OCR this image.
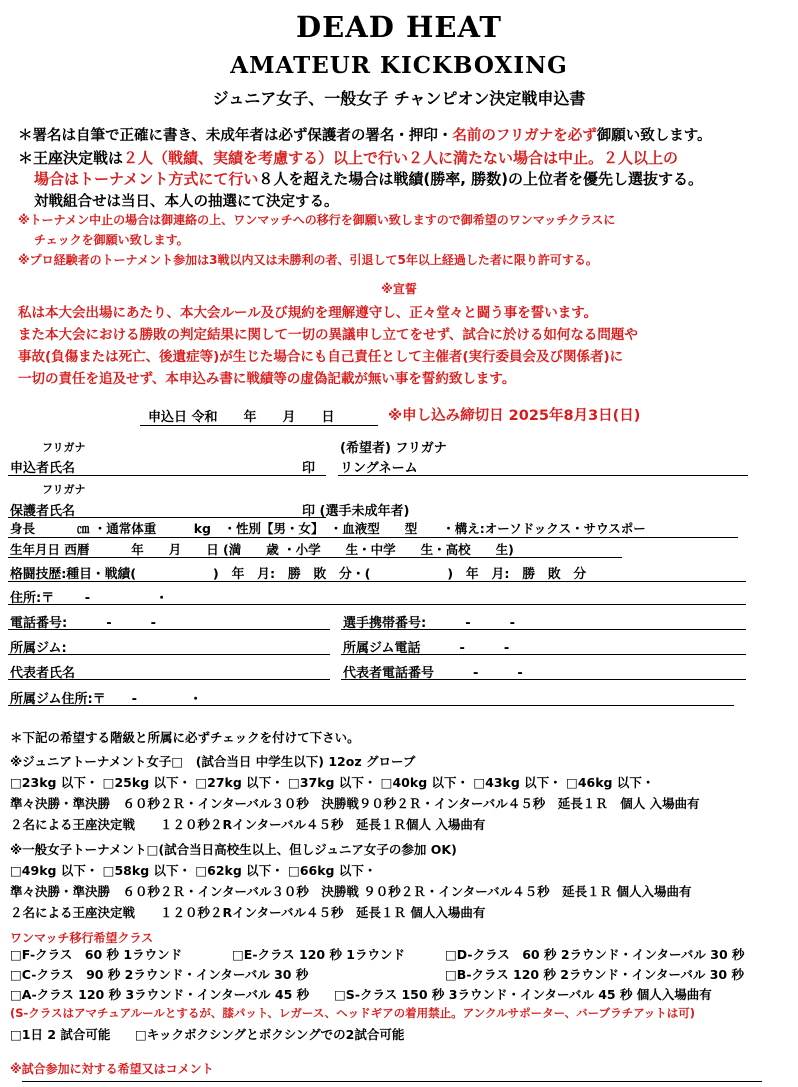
DEAD HEAT
AMATEUR KICKBOXING
ジュニア女子、一般女子 チャンピオン決定戦申込書
＊署名は自筆で正確に書き、未成年者は必ず保護者の署名・押印・名前のフリガナを必ず御願い致します。
＊王座決定戦は２人（戦績、実績を考慮する）以上で行い２人に満たない場合は中止。２人以上の
場合はトーナメント方式にて行い８人を超えた場合は戦績(勝率, 勝数)の上位者を優先し選抜する。
対戦組合せは当日、本人の抽選にて決定する。
※トーナメン中止の場合は御連絡の上、ワンマッチへの移行を御願い致しますので御希望のワンマッチクラスに
チェックを御願い致します。
※プロ経験者のトーナメント参加は3戦以内又は未勝利の者、引退して5年以上経過した者に限り許可する。
※宣誓
私は本大会出場にあたり、本大会ルール及び規約を理解遵守し、正々堂々と闘う事を誓います。
また本大会における勝敗の判定結果に関して一切の異議申し立てをせず、試合に於ける如何なる問題や
事故(負傷または死亡、後遺症等)が生じた場合にも自己責任として主催者(実行委員会及び関係者)に
一切の責任を追及せず、本申込み書に戦績等の虚偽記載が無い事を誓約致します。
申込日 令和　　年　　月　　日	※申し込み締切日 2025年8月3日(日)
フリガナ	(希望者) フリガナ
申込者氏名	印 リングネーム
フリガナ
保護者氏名	印 (選手未成年者)
身長　　　 ㎝ ・通常体重　　　kg　・性別【男・女】　・血液型　　型　　・構え:オーソドックス・サウスポー
生年月日 西暦　　　 年　　月　　日 (満　　歳 ・小学　　生・中学　　生・高校　　生)
格闘技歴:種目・戦績(　　　　　　)　年　月:　勝　敗　分・(　　　　　　)　年　月:　勝　敗　分
住所:〒　　 -　　　　　・
電話番号:　　　-　　　-	選手携帯番号:　　　-　　　-
所属ジム:	所属ジム電話　　　-　　　-
代表者氏名	代表者電話番号　　　-　　　-
所属ジム住所:〒　　-　　　　・
＊下記の希望する階級と所属に必ずチェックを付けて下さい。
※ジュニアトーナメント女子□　(試合当日 中学生以下) 12oz グローブ
□23kg 以下・ □25kg 以下・ □27kg 以下・ □37kg 以下・ □40kg 以下・ □43kg 以下・ □46kg 以下・
準々決勝・準決勝　６０秒２Ｒ・インターバル３０秒　決勝戦９０秒２Ｒ・インターバル４５秒　延長１Ｒ　個人 入場曲有
２名による王座決定戦　　１２０秒２Rインターバル４５秒　延長１Ｒ個人 入場曲有
※一般女子トーナメント□(試合当日高校生以上、但しジュニア女子の参加 OK)
□49kg 以下・ □58kg 以下・ □62kg 以下・ □66kg 以下・
準々決勝・準決勝　６０秒２Ｒ・インターバル３０秒　決勝戦 ９０秒２Ｒ・インターバル４５秒　延長１Ｒ 個人入場曲有
２名による王座決定戦　　１２０秒２Rインターバル４５秒　延長１Ｒ 個人入場曲有
ワンマッチ移行希望クラス
□F-クラス　60 秒 1ラウンド	□E-クラス 120 秒 1ラウンド	□D-クラス　60 秒 2ラウンド・インターバル 30 秒
□C-クラス　90 秒 2ラウンド・インターバル 30 秒	□B-クラス 120 秒 2ラウンド・インターバル 30 秒
□A-クラス 120 秒 3ラウンド・インターバル 45 秒 □S-クラス 150 秒 3ラウンド・インターバル 45 秒 個人入場曲有
(S-クラスはアマチュアルールとするが、膝パット、レガース、ヘッドギアの着用禁止。アンクルサポーター、バーブラチアットは可)
□1日 2 試合可能 □キックボクシングとボクシングでの2試合可能
※試合参加に対する希望又はコメント
